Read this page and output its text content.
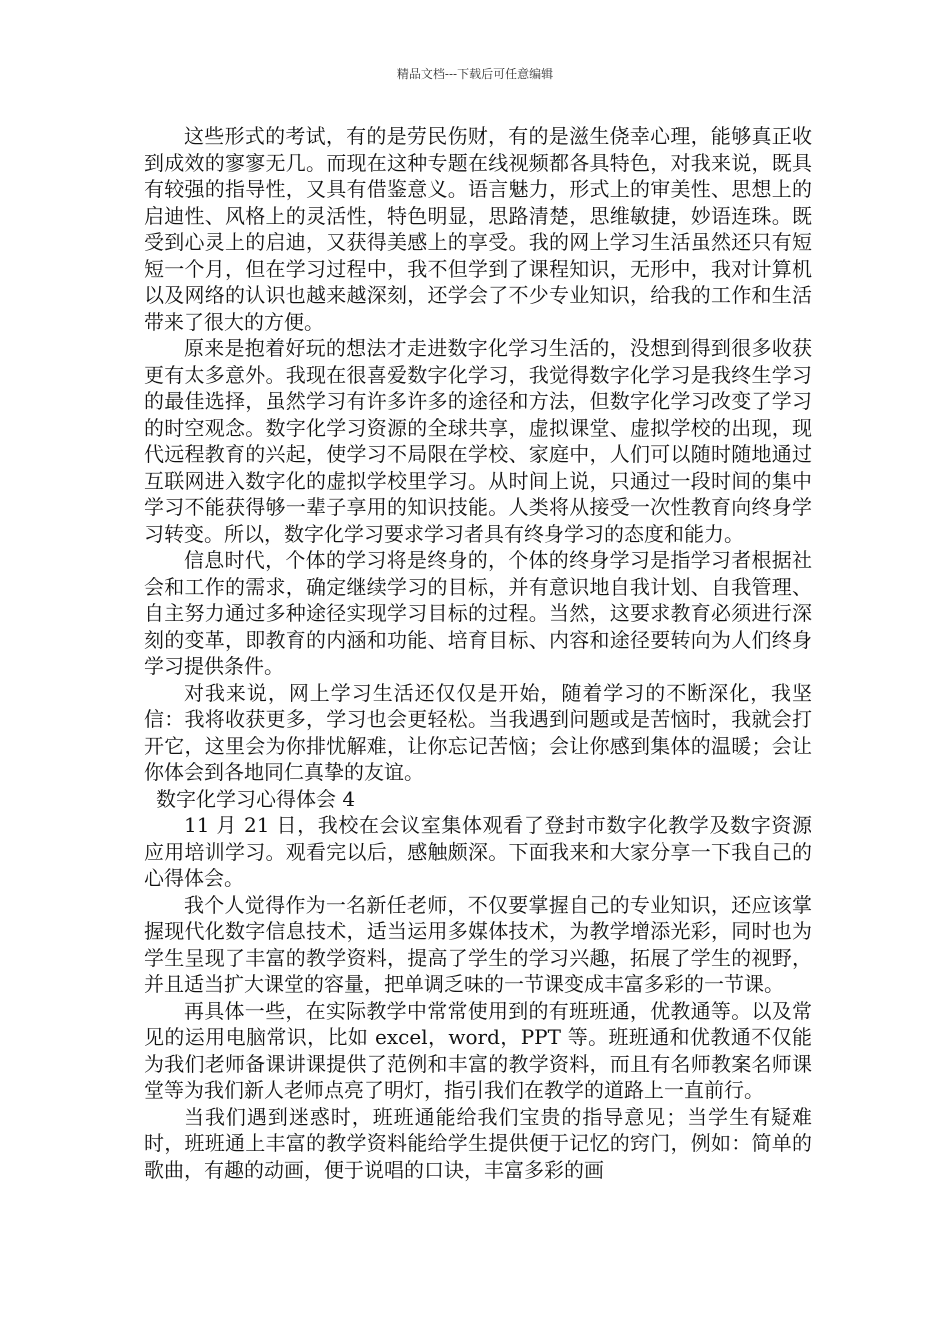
精品文档---下载后可任意编辑

这些形式的考试，有的是劳民伤财，有的是滋生侥幸心理，能够真正收到成效的寥寥无几。而现在这种专题在线视频都各具特色，对我来说，既具有较强的指导性，又具有借鉴意义。语言魅力，形式上的审美性、思想上的启迪性、风格上的灵活性，特色明显，思路清楚，思维敏捷，妙语连珠。既受到心灵上的启迪，又获得美感上的享受。我的网上学习生活虽然还只有短短一个月，但在学习过程中，我不但学到了课程知识，无形中，我对计算机以及网络的认识也越来越深刻，还学会了不少专业知识，给我的工作和生活带来了很大的方便。

原来是抱着好玩的想法才走进数字化学习生活的，没想到得到很多收获更有太多意外。我现在很喜爱数字化学习，我觉得数字化学习是我终生学习的最佳选择，虽然学习有许多许多的途径和方法，但数字化学习改变了学习的时空观念。数字化学习资源的全球共享，虚拟课堂、虚拟学校的出现，现代远程教育的兴起，使学习不局限在学校、家庭中，人们可以随时随地通过互联网进入数字化的虚拟学校里学习。从时间上说，只通过一段时间的集中学习不能获得够一辈子享用的知识技能。人类将从接受一次性教育向终身学习转变。所以，数字化学习要求学习者具有终身学习的态度和能力。

信息时代，个体的学习将是终身的，个体的终身学习是指学习者根据社会和工作的需求，确定继续学习的目标，并有意识地自我计划、自我管理、自主努力通过多种途径实现学习目标的过程。当然，这要求教育必须进行深刻的变革，即教育的内涵和功能、培育目标、内容和途径要转向为人们终身学习提供条件。

对我来说，网上学习生活还仅仅是开始，随着学习的不断深化，我坚信：我将收获更多，学习也会更轻松。当我遇到问题或是苦恼时，我就会打开它，这里会为你排忧解难，让你忘记苦恼；会让你感到集体的温暖；会让你体会到各地同仁真挚的友谊。

数字化学习心得体会 4

11 月 21 日，我校在会议室集体观看了登封市数字化教学及数字资源应用培训学习。观看完以后，感触颇深。下面我来和大家分享一下我自己的心得体会。

我个人觉得作为一名新任老师，不仅要掌握自己的专业知识，还应该掌握现代化数字信息技术，适当运用多媒体技术，为教学增添光彩，同时也为学生呈现了丰富的教学资料，提高了学生的学习兴趣，拓展了学生的视野，并且适当扩大课堂的容量，把单调乏味的一节课变成丰富多彩的一节课。

再具体一些，在实际教学中常常使用到的有班班通，优教通等。以及常见的运用电脑常识，比如 excel，word，PPT 等。班班通和优教通不仅能为我们老师备课讲课提供了范例和丰富的教学资料，而且有名师教案名师课堂等为我们新人老师点亮了明灯，指引我们在教学的道路上一直前行。

当我们遇到迷惑时，班班通能给我们宝贵的指导意见；当学生有疑难时，班班通上丰富的教学资料能给学生提供便于记忆的窍门，例如：简单的歌曲，有趣的动画，便于说唱的口诀，丰富多彩的画
